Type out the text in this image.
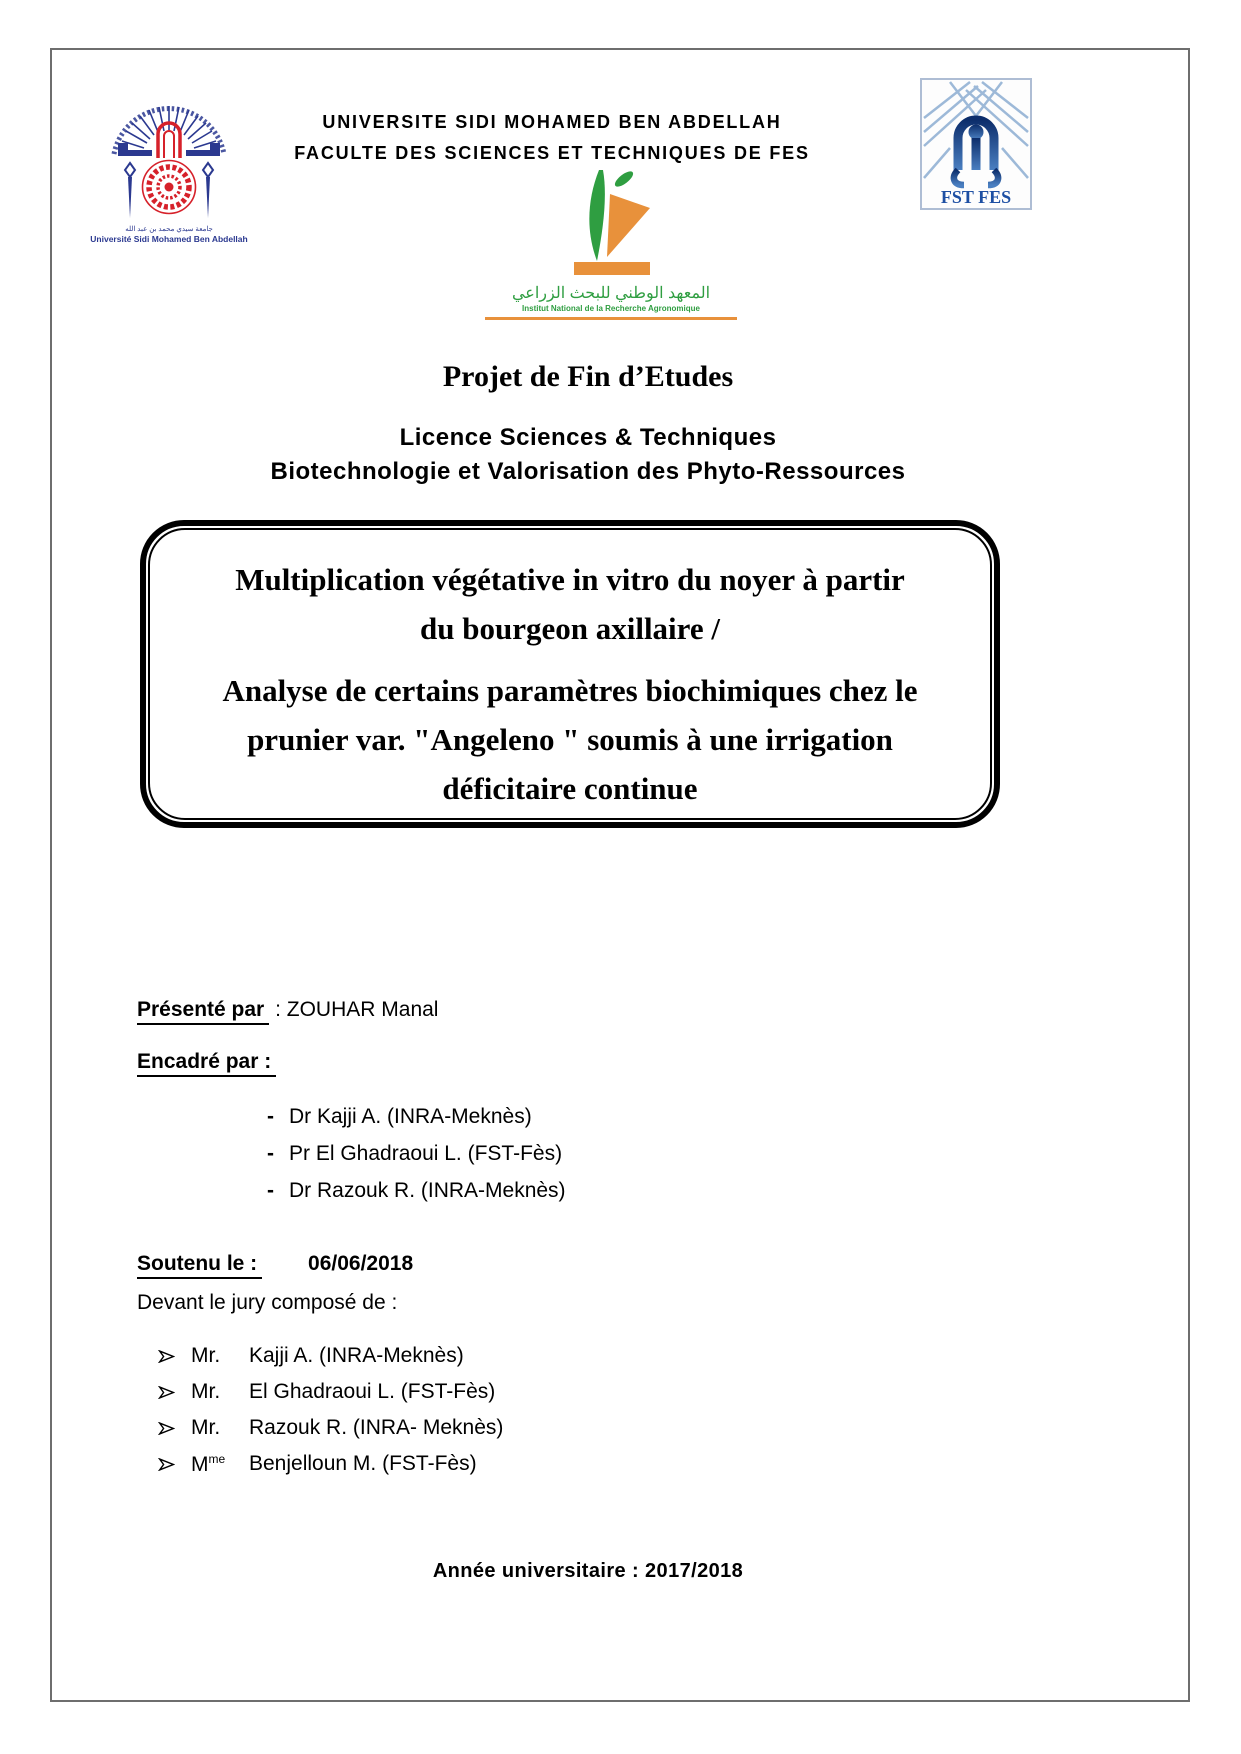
جامعة سيدي محمد بن عبد الله
Université Sidi Mohamed Ben Abdellah
UNIVERSITE SIDI MOHAMED BEN ABDELLAH
FACULTE DES SCIENCES ET TECHNIQUES DE FES
FST FES
المعهد الوطني للبحث الزراعي
Institut National de la Recherche Agronomique
Projet de Fin d’Etudes
Licence Sciences & Techniques
Biotechnologie et Valorisation des Phyto-Ressources
Multiplication végétative in vitro du noyer à partir
du bourgeon axillaire /
Analyse de certains paramètres biochimiques chez le
prunier var. "Angeleno " soumis à une irrigation
déficitaire continue
Présenté par : ZOUHAR Manal
Encadré par :
- Dr Kajji A. (INRA-Meknès)
- Pr El Ghadraoui L. (FST-Fès)
- Dr Razouk R. (INRA-Meknès)
Soutenu le : 06/06/2018
Devant le jury composé de :
Mr.	Kajji A. (INRA-Meknès)
Mr.	El Ghadraoui L. (FST-Fès)
Mr.	Razouk R. (INRA- Meknès)
$M^{me}$	Benjelloun M. (FST-Fès)
Année universitaire : 2017/2018
